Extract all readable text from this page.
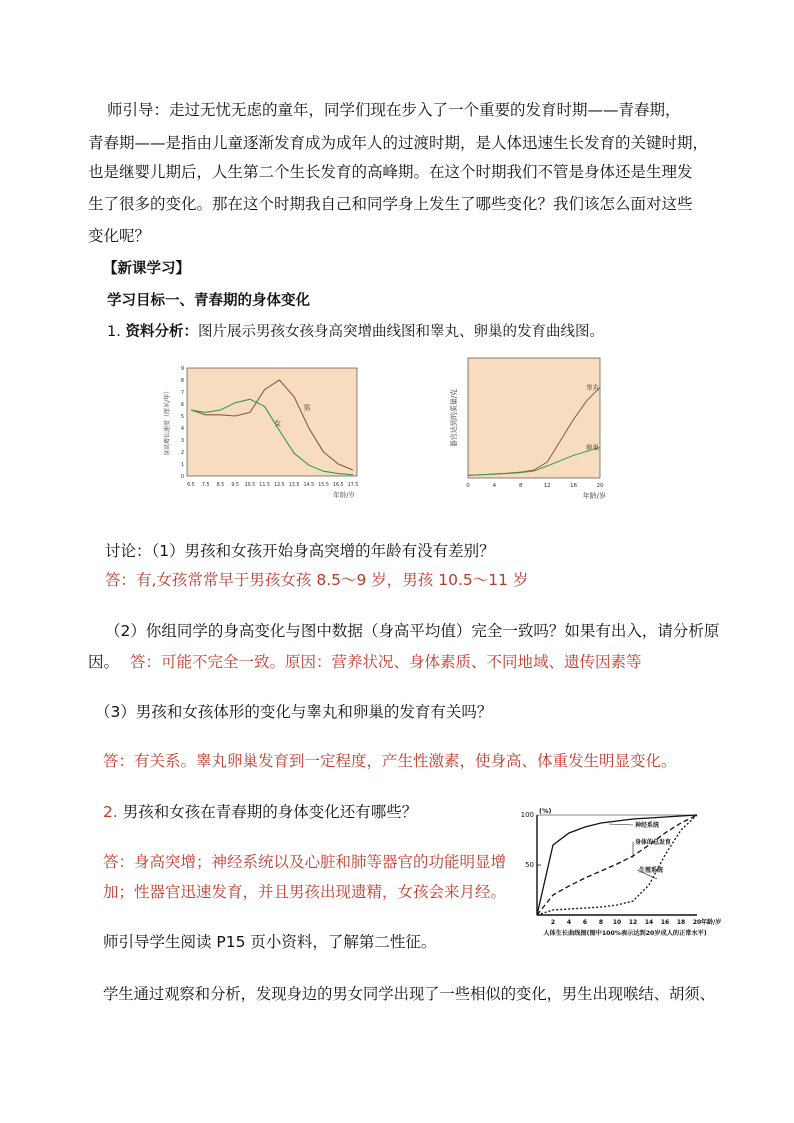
师引导：走过无忧无虑的童年，同学们现在步入了一个重要的发育时期——青春期，

青春期——是指由儿童逐渐发育成为成年人的过渡时期，是人体迅速生长发育的关键时期，

也是继婴儿期后，人生第二个生长发育的高峰期。在这个时期我们不管是身体还是生理发

生了很多的变化。那在这个时期我自己和同学身上发生了哪些变化？我们该怎么面对这些

变化呢？

【新课学习】

学习目标一、青春期的身体变化

1. 资料分析：图片展示男孩女孩身高突增曲线图和睾丸、卵巢的发育曲线图。

6.5 7.5 8.5 9.5 10.5 11.5 12.5 13.5 14.5 15.5 16.5 17.5
0
1
2
3
4
5
6
7
8
9
身高增长速度（厘米/年）
年龄/岁
男
女
0	4	8	12	16	20
器官达到的质量/克
年龄/岁
睾丸
卵巢

讨论：（1）男孩和女孩开始身高突增的年龄有没有差别？

答：有,女孩常常早于男孩女孩 8.5～9 岁，男孩 10.5～11 岁

（2）你组同学的身高变化与图中数据（身高平均值）完全一致吗？如果有出入，请分析原

因。 答：可能不完全一致。原因：营养状况、身体素质、不同地域、遗传因素等

（3）男孩和女孩体形的变化与睾丸和卵巢的发育有关吗？

答：有关系。睾丸卵巢发育到一定程度，产生性激素，使身高、体重发生明显变化。

2. 男孩和女孩在青春期的身体变化还有哪些？

答：身高突增；神经系统以及心脏和肺等器官的功能明显增

加；性器官迅速发育，并且男孩出现遗精，女孩会来月经。

(%)
50
100
2 4 6 8 10 12 14 16 18 20 年龄/岁
人体生长曲线图(图中100%表示达到20岁成人的正常水平)
神经系统
身体的总发育
生殖系统

师引导学生阅读 P15 页小资料，了解第二性征。

学生通过观察和分析，发现身边的男女同学出现了一些相似的变化，男生出现喉结、胡须、
